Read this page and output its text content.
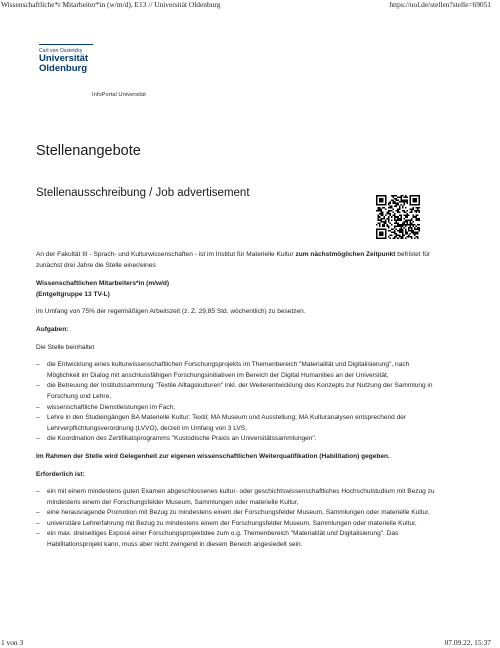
Wissenschaftliche*r Mitarbeiter*in (w/m/d), E13 // Universität Oldenburg	https://uol.de/stellen?stelle=69051
Carl von Ossietzky
Universität
Oldenburg
InfoPortal Universität
Stellenangebote
Stellenausschreibung / Job advertisement

An der Fakultät III - Sprach- und Kulturwissenschaften - ist im Institut für Materielle Kultur zum nächstmöglichen Zeitpunkt befristet für zunächst drei Jahre die Stelle einer/eines

Wissenschaftlichen Mitarbeiters*in (m/w/d)

(Entgeltgruppe 13 TV-L)

im Umfang von 75% der regelmäßigen Arbeitszeit (z. Z. 29,85 Std. wöchentlich) zu besetzen.

Aufgaben:

Die Stelle beinhaltet

– die Entwicklung eines kulturwissenschaftlichen Forschungsprojekts im Themenbereich "Materialität und Digitalisierung", nach Möglichkeit im Dialog mit anschlussfähigen Forschungsinitiativen im Bereich der Digital Humanities an der Universität,
– die Betreuung der Institutssammlung "Textile Alltagskulturen" inkl. der Weiterentwicklung des Konzepts zur Nutzung der Sammlung in Forschung und Lehre,
– wissenschaftliche Dienstleistungen im Fach,
– Lehre in den Studiengängen BA Materielle Kultur: Textil; MA Museum und Ausstellung; MA Kulturanalysen entsprechend der Lehrverpflichtungsverordnung (LVVO), derzeit im Umfang von 3 LVS,
– die Koordination des Zertifikatsprogramms "Kustodische Praxis an Universitätssammlungen".

Im Rahmen der Stelle wird Gelegenheit zur eigenen wissenschaftlichen Weiterqualifikation (Habilitation) gegeben.

Erforderlich ist:

– ein mit einem mindestens guten Examen abgeschlossenes kultur- oder geschichtswissenschaftliches Hochschulstudium mit Bezug zu mindestens einem der Forschungsfelder Museum, Sammlungen oder materielle Kultur,
– eine herausragende Promotion mit Bezug zu mindestens einem der Forschungsfelder Museum, Sammlungen oder materielle Kultur,
– universitäre Lehrerfahrung mit Bezug zu mindestens einem der Forschungsfelder Museum, Sammlungen oder materielle Kultur,
– ein max. dreiseitiges Exposé einer Forschungsprojektidee zum o.g. Themenbereich "Materialität und Digitalisierung". Das Habilitationsprojekt kann, muss aber nicht zwingend in diesem Bereich angesiedelt sein.
1 von 3	07.09.22, 15:37
